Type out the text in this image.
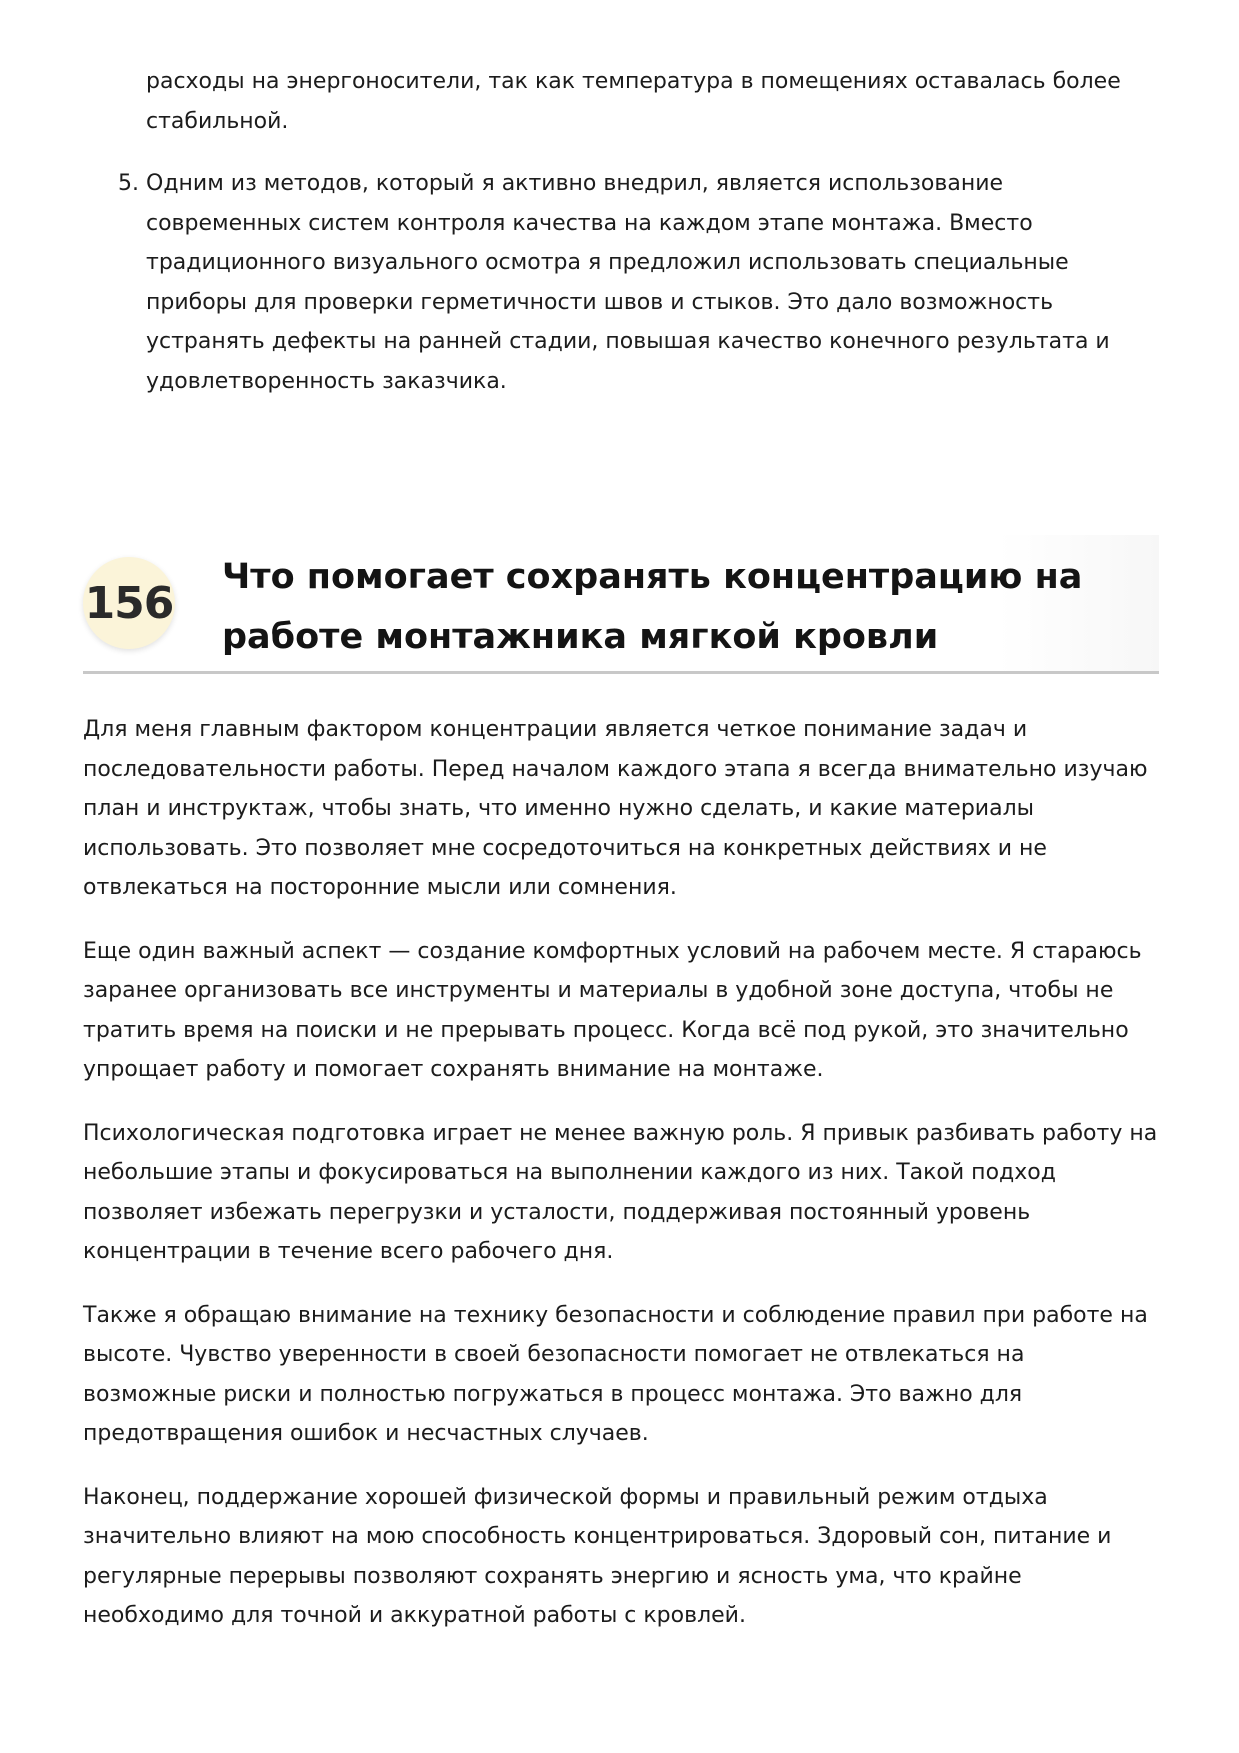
расходы на энергоносители, так как температура в помещениях оставалась более стабильной.

5. Одним из методов, который я активно внедрил, является использование современных систем контроля качества на каждом этапе монтажа. Вместо традиционного визуального осмотра я предложил использовать специальные приборы для проверки герметичности швов и стыков. Это дало возможность устранять дефекты на ранней стадии, повышая качество конечного результата и удовлетворенность заказчика.
156
Что помогает сохранять концентрацию на работе монтажника мягкой кровли

Для меня главным фактором концентрации является четкое понимание задач и последовательности работы. Перед началом каждого этапа я всегда внимательно изучаю план и инструктаж, чтобы знать, что именно нужно сделать, и какие материалы использовать. Это позволяет мне сосредоточиться на конкретных действиях и не отвлекаться на посторонние мысли или сомнения.

Еще один важный аспект — создание комфортных условий на рабочем месте. Я стараюсь заранее организовать все инструменты и материалы в удобной зоне доступа, чтобы не тратить время на поиски и не прерывать процесс. Когда всё под рукой, это значительно упрощает работу и помогает сохранять внимание на монтаже.

Психологическая подготовка играет не менее важную роль. Я привык разбивать работу на небольшие этапы и фокусироваться на выполнении каждого из них. Такой подход позволяет избежать перегрузки и усталости, поддерживая постоянный уровень концентрации в течение всего рабочего дня.

Также я обращаю внимание на технику безопасности и соблюдение правил при работе на высоте. Чувство уверенности в своей безопасности помогает не отвлекаться на возможные риски и полностью погружаться в процесс монтажа. Это важно для предотвращения ошибок и несчастных случаев.

Наконец, поддержание хорошей физической формы и правильный режим отдыха значительно влияют на мою способность концентрироваться. Здоровый сон, питание и регулярные перерывы позволяют сохранять энергию и ясность ума, что крайне необходимо для точной и аккуратной работы с кровлей.
